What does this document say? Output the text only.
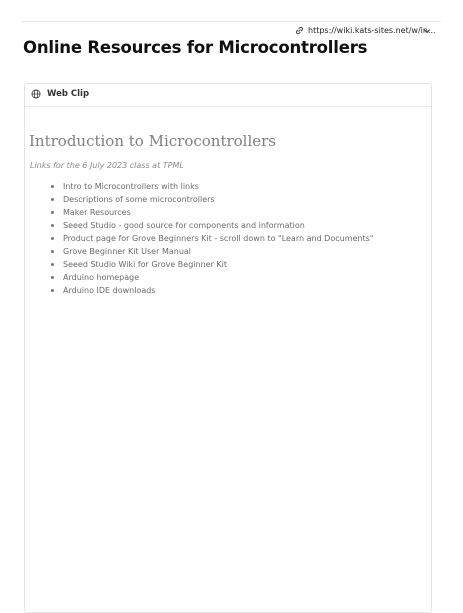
https://wiki.kats-sites.net/w/in...
Online Resources for Microcontrollers
Web Clip
Introduction to Microcontrollers

Links for the 6 July 2023 class at TPML

Intro to Microcontrollers with links
Descriptions of some microcontrollers
Maker Resources
Seeed Studio - good source for components and information
Product page for Grove Beginners Kit - scroll down to "Learn and Documents"
Grove Beginner Kit User Manual
Seeed Studio Wiki for Grove Beginner Kit
Arduino homepage
Arduino IDE downloads
